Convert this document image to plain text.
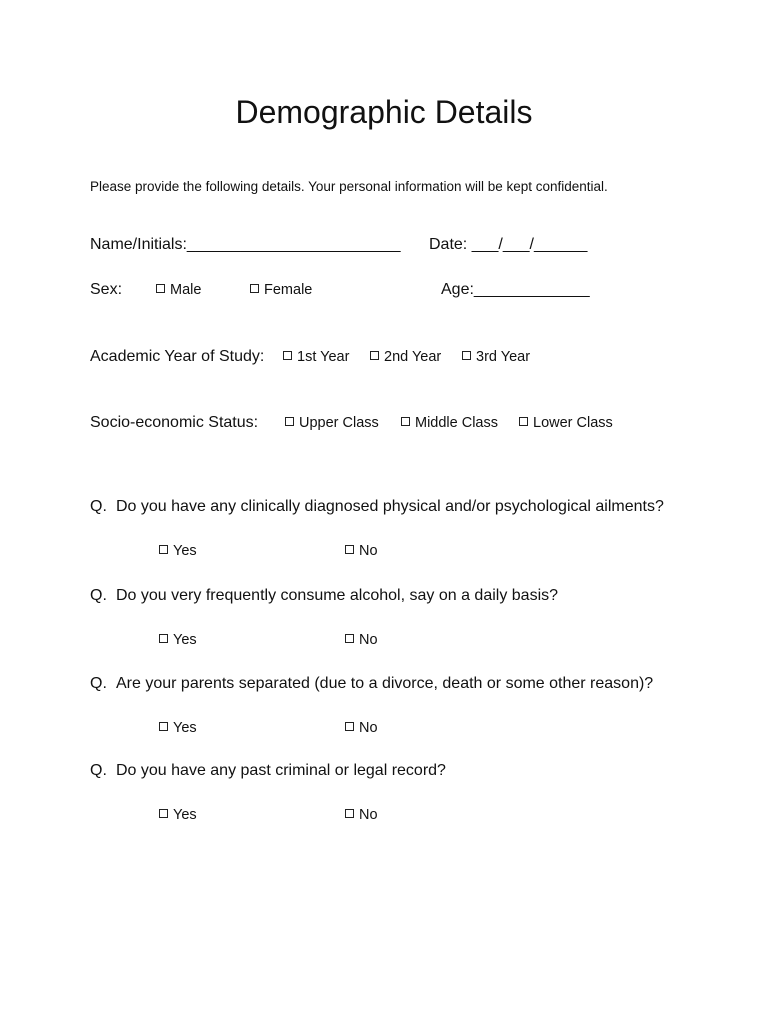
Demographic Details
Please provide the following details. Your personal information will be kept confidential.
Name/Initials:________________________ Date: ___/___/______
Sex:	Male	Female	Age:_____________
Academic Year of Study:	1st Year	2nd Year	3rd Year
Socio-economic Status:	Upper Class	Middle Class	Lower Class
Q. Do you have any clinically diagnosed physical and/or psychological ailments?
Yes	No
Q. Do you very frequently consume alcohol, say on a daily basis?
Yes	No
Q. Are your parents separated (due to a divorce, death or some other reason)?
Yes	No
Q. Do you have any past criminal or legal record?
Yes	No
